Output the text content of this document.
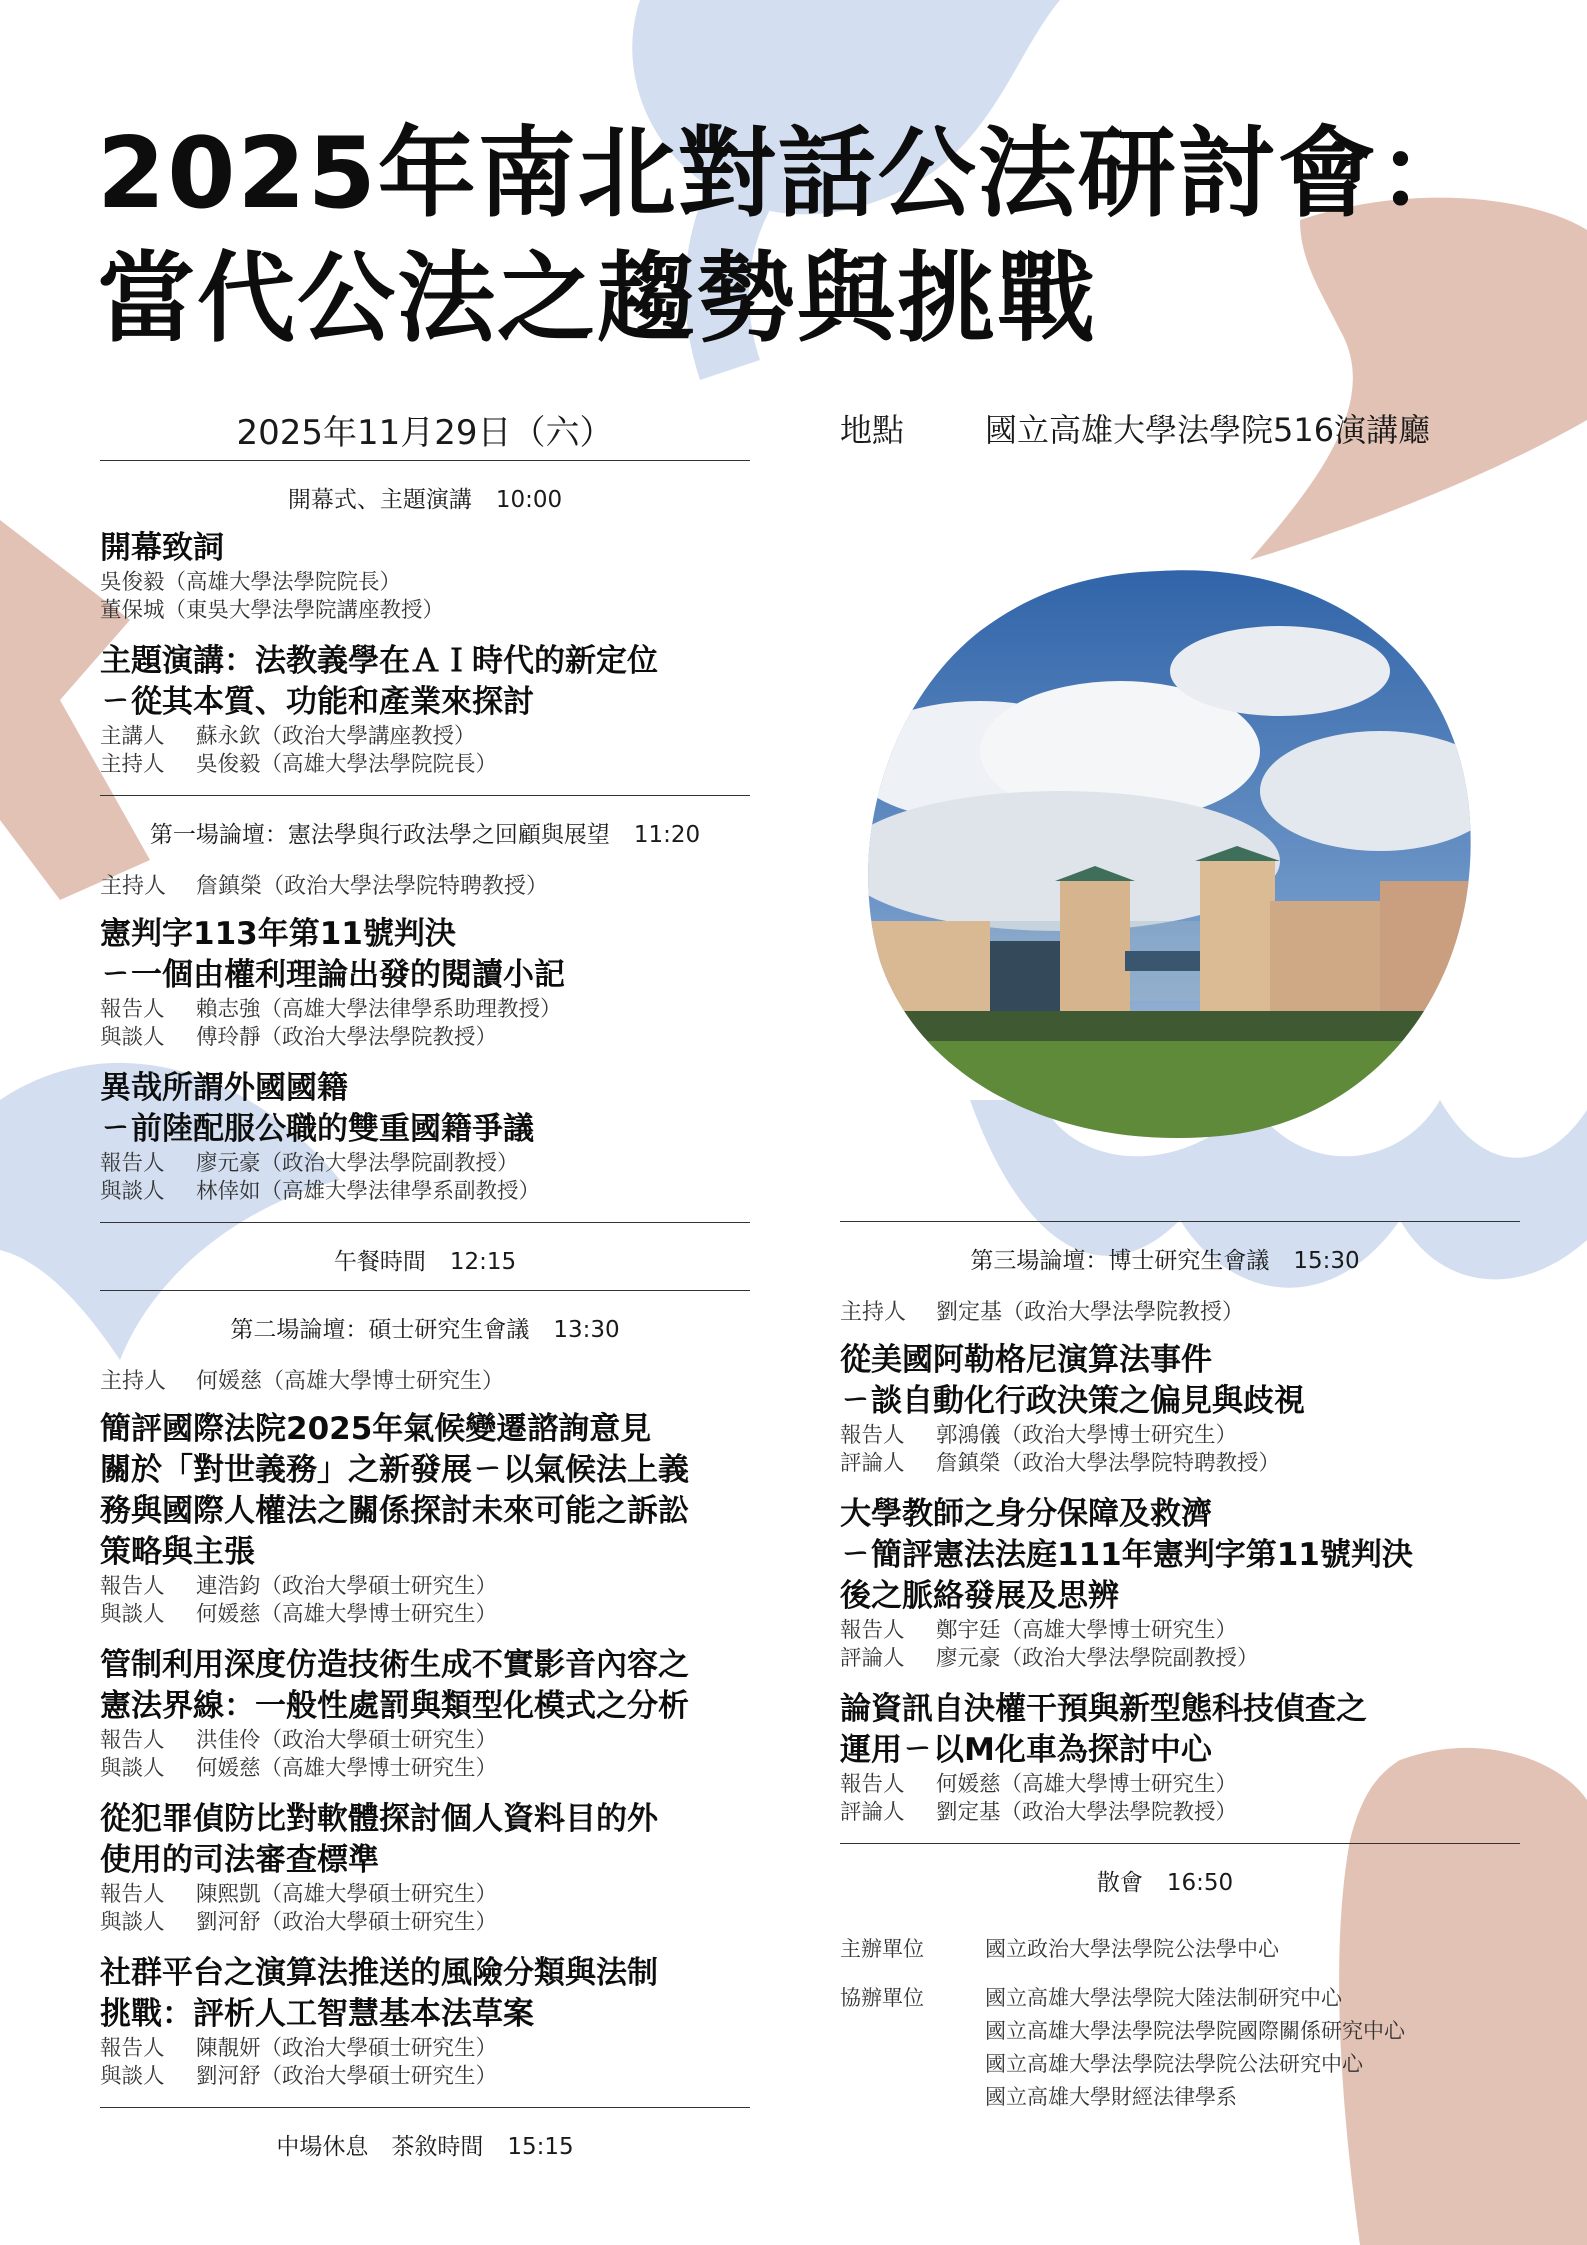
2025年南北對話公法研討會：
當代公法之趨勢與挑戰
2025年11月29日（六）
開幕式、主題演講 10:00
開幕致詞
吳俊毅（高雄大學法學院院長）
董保城（東吳大學法學院講座教授）
主題演講：法教義學在ＡＩ時代的新定位
ㄧ從其本質、功能和產業來探討
主講人 蘇永欽（政治大學講座教授）
主持人 吳俊毅（高雄大學法學院院長）
第一場論壇：憲法學與行政法學之回顧與展望 11:20
主持人 詹鎮榮（政治大學法學院特聘教授）
憲判字113年第11號判決
ㄧ一個由權利理論出發的閱讀小記
報告人 賴志強（高雄大學法律學系助理教授）
與談人 傅玲靜（政治大學法學院教授）
異哉所謂外國國籍
ㄧ前陸配服公職的雙重國籍爭議
報告人 廖元豪（政治大學法學院副教授）
與談人 林倖如（高雄大學法律學系副教授）
午餐時間 12:15
第二場論壇：碩士研究生會議 13:30
主持人 何媛慈（高雄大學博士研究生）
簡評國際法院2025年氣候變遷諮詢意見
關於「對世義務」之新發展ㄧ以氣候法上義
務與國際人權法之關係探討未來可能之訴訟
策略與主張
報告人 連浩鈞（政治大學碩士研究生）
與談人 何媛慈（高雄大學博士研究生）
管制利用深度仿造技術生成不實影音內容之
憲法界線：一般性處罰與類型化模式之分析
報告人 洪佳伶（政治大學碩士研究生）
與談人 何媛慈（高雄大學博士研究生）
從犯罪偵防比對軟體探討個人資料目的外
使用的司法審查標準
報告人 陳熙凱（高雄大學碩士研究生）
與談人 劉河舒（政治大學碩士研究生）
社群平台之演算法推送的風險分類與法制
挑戰：評析人工智慧基本法草案
報告人 陳靚妍（政治大學碩士研究生）
與談人 劉河舒（政治大學碩士研究生）
中場休息　茶敘時間 15:15
地點	國立高雄大學法學院516演講廳
第三場論壇：博士研究生會議 15:30
主持人 劉定基（政治大學法學院教授）
從美國阿勒格尼演算法事件
ㄧ談自動化行政決策之偏見與歧視
報告人 郭鴻儀（政治大學博士研究生）
評論人 詹鎮榮（政治大學法學院特聘教授）
大學教師之身分保障及救濟
ㄧ簡評憲法法庭111年憲判字第11號判決
後之脈絡發展及思辨
報告人 鄭宇廷（高雄大學博士研究生）
評論人 廖元豪（政治大學法學院副教授）
論資訊自決權干預與新型態科技偵查之
運用ㄧ以M化車為探討中心
報告人 何媛慈（高雄大學博士研究生）
評論人 劉定基（政治大學法學院教授）
散會 16:50
主辦單位	國立政治大學法學院公法學中心
協辦單位	國立高雄大學法學院大陸法制研究中心
國立高雄大學法學院法學院國際關係研究中心
國立高雄大學法學院法學院公法研究中心
國立高雄大學財經法律學系
